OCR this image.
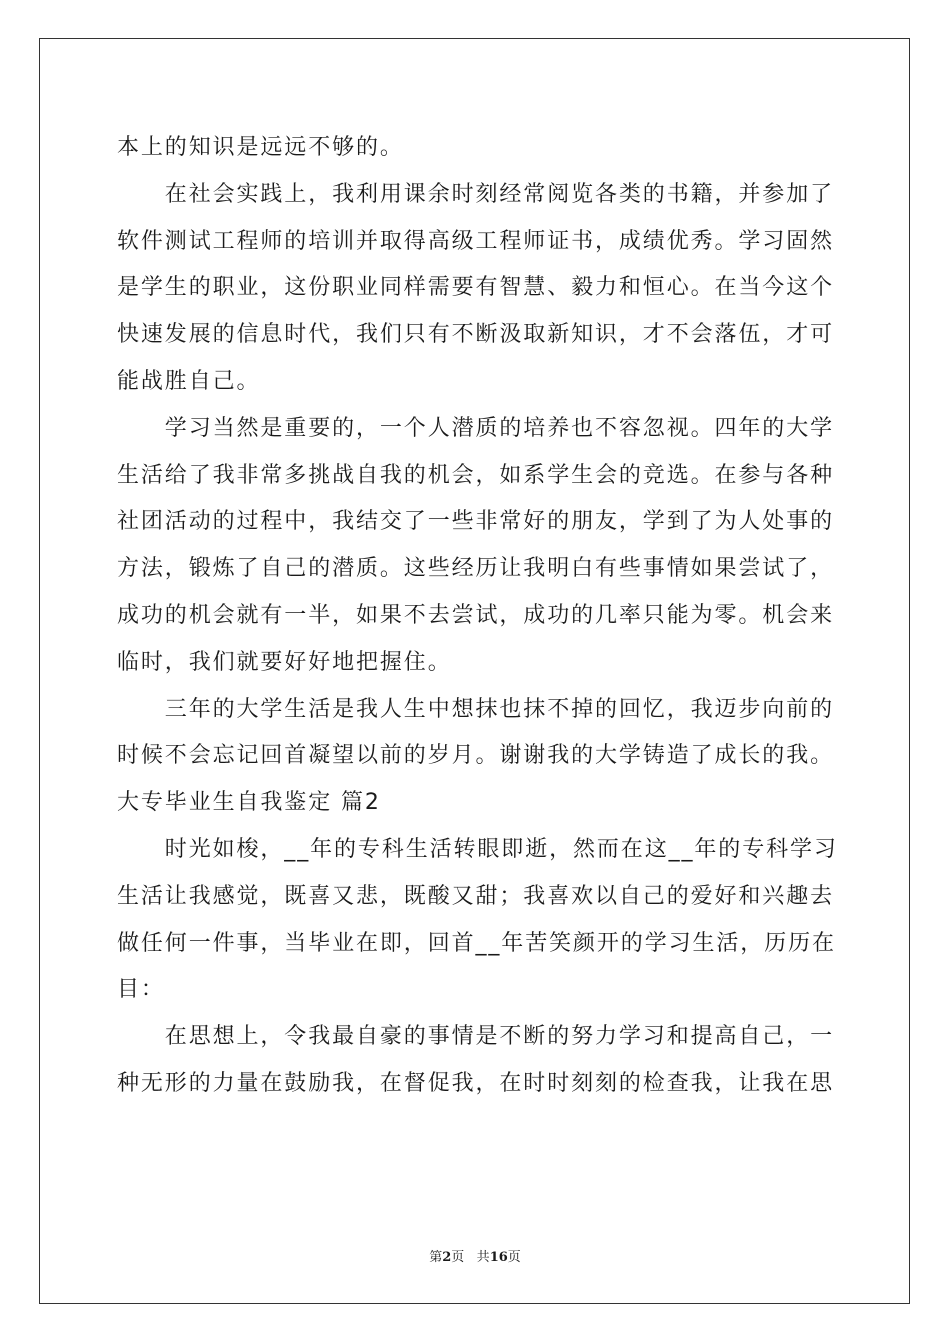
本上的知识是远远不够的。

　　在社会实践上，我利用课余时刻经常阅览各类的书籍，并参加了

软件测试工程师的培训并取得高级工程师证书，成绩优秀。学习固然

是学生的职业，这份职业同样需要有智慧、毅力和恒心。在当今这个

快速发展的信息时代，我们只有不断汲取新知识，才不会落伍，才可

能战胜自己。

　　学习当然是重要的，一个人潜质的培养也不容忽视。四年的大学

生活给了我非常多挑战自我的机会，如系学生会的竞选。在参与各种

社团活动的过程中，我结交了一些非常好的朋友，学到了为人处事的

方法，锻炼了自己的潜质。这些经历让我明白有些事情如果尝试了，

成功的机会就有一半，如果不去尝试，成功的几率只能为零。机会来

临时，我们就要好好地把握住。

　　三年的大学生活是我人生中想抹也抹不掉的回忆，我迈步向前的

时候不会忘记回首凝望以前的岁月。谢谢我的大学铸造了成长的我。

大专毕业生自我鉴定 篇2

　　时光如梭，__年的专科生活转眼即逝，然而在这__年的专科学习

生活让我感觉，既喜又悲，既酸又甜；我喜欢以自己的爱好和兴趣去

做任何一件事，当毕业在即，回首__年苦笑颜开的学习生活，历历在

目：

　　在思想上，令我最自豪的事情是不断的努力学习和提高自己，一

种无形的力量在鼓励我，在督促我，在时时刻刻的检查我，让我在思

第2页 共16页
